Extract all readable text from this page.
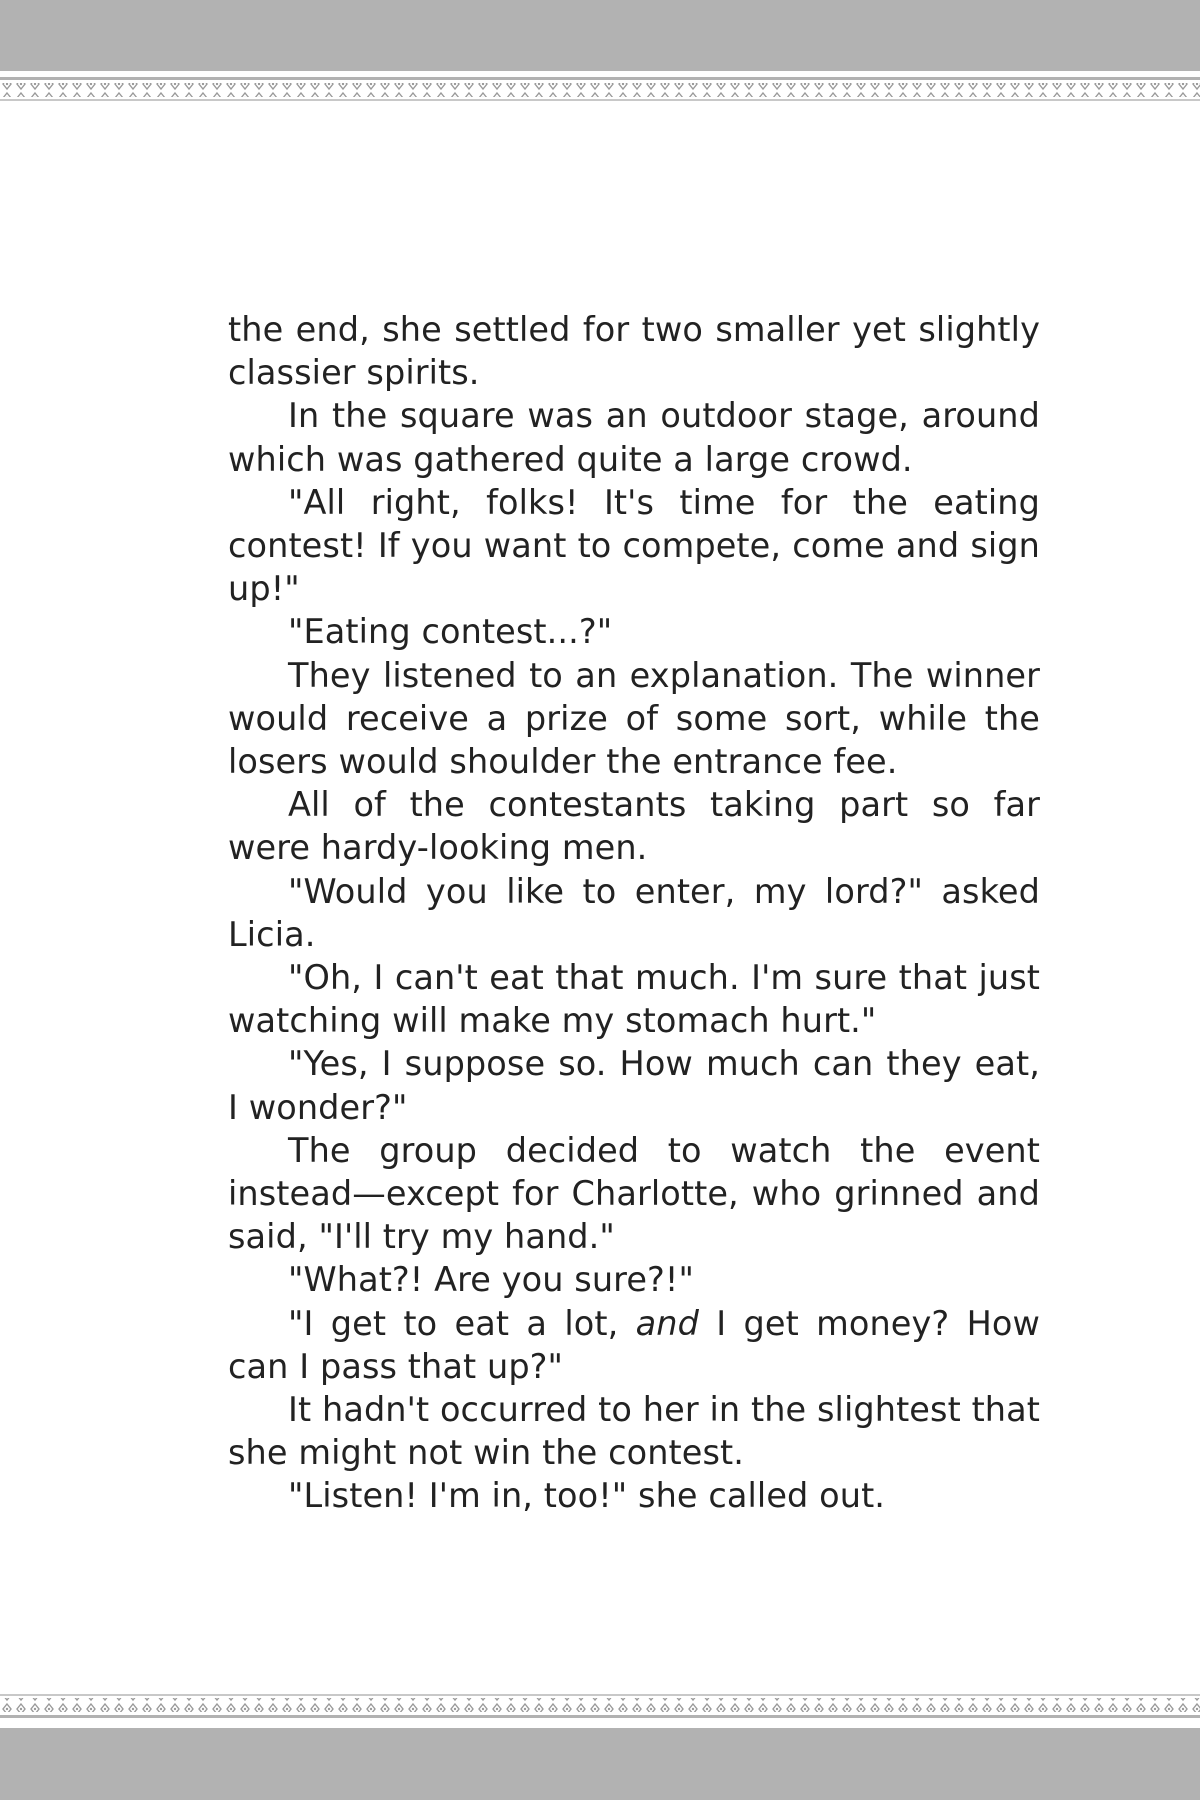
the end, she settled for two smaller yet slightly classier spirits.

In the square was an outdoor stage, around which was gathered quite a large crowd.

"All right, folks! It's time for the eating contest! If you want to compete, come and sign up!"

"Eating contest...?"

They listened to an explanation. The winner would receive a prize of some sort, while the losers would shoulder the entrance fee.

All of the contestants taking part so far were hardy-looking men.

"Would you like to enter, my lord?" asked Licia.

"Oh, I can't eat that much. I'm sure that just watching will make my stomach hurt."

"Yes, I suppose so. How much can they eat, I wonder?"

The group decided to watch the event instead—except for Charlotte, who grinned and said, "I'll try my hand."

"What?! Are you sure?!"

"I get to eat a lot, and I get money? How can I pass that up?"

It hadn't occurred to her in the slightest that she might not win the contest.

"Listen! I'm in, too!" she called out.
